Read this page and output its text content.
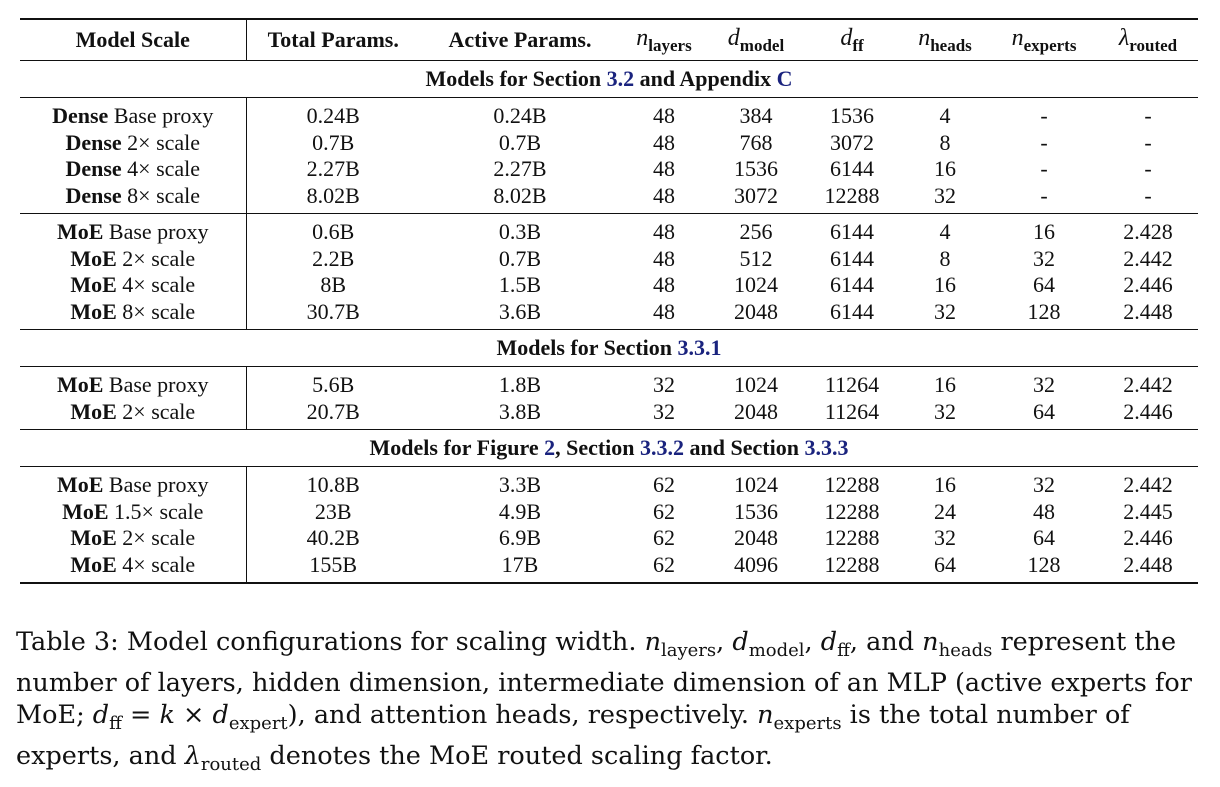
Model Scale	Total Params.	Active Params.	$n_{layers}$	$d_{model}$	$d_{ff}$	$n_{heads}$	$n_{experts}$	$\lambda_{routed}$
Models for Section 3.2 and Appendix C								
Dense Base proxy	0.24B	0.24B	48	384	1536	4	-	-
Dense 2× scale	0.7B	0.7B	48	768	3072	8	-	-
Dense 4× scale	2.27B	2.27B	48	1536	6144	16	-	-
Dense 8× scale	8.02B	8.02B	48	3072	12288	32	-	-
MoE Base proxy	0.6B	0.3B	48	256	6144	4	16	2.428
MoE 2× scale	2.2B	0.7B	48	512	6144	8	32	2.442
MoE 4× scale	8B	1.5B	48	1024	6144	16	64	2.446
MoE 8× scale	30.7B	3.6B	48	2048	6144	32	128	2.448
Models for Section 3.3.1								
MoE Base proxy	5.6B	1.8B	32	1024	11264	16	32	2.442
MoE 2× scale	20.7B	3.8B	32	2048	11264	32	64	2.446
Models for Figure 2, Section 3.3.2 and Section 3.3.3								
MoE Base proxy	10.8B	3.3B	62	1024	12288	16	32	2.442
MoE 1.5× scale	23B	4.9B	62	1536	12288	24	48	2.445
MoE 2× scale	40.2B	6.9B	62	2048	12288	32	64	2.446
MoE 4× scale	155B	17B	62	4096	12288	64	128	2.448
Table 3: Model configurations for scaling width. $n_{layers}$, $d_{model}$, $d_{ff}$, and $n_{heads}$ represent the number of layers, hidden dimension, intermediate dimension of an MLP (active experts for MoE; $d_{ff} = k \times d_{expert}$), and attention heads, respectively. $n_{experts}$ is the total number of experts, and $\lambda_{routed}$ denotes the MoE routed scaling factor.
